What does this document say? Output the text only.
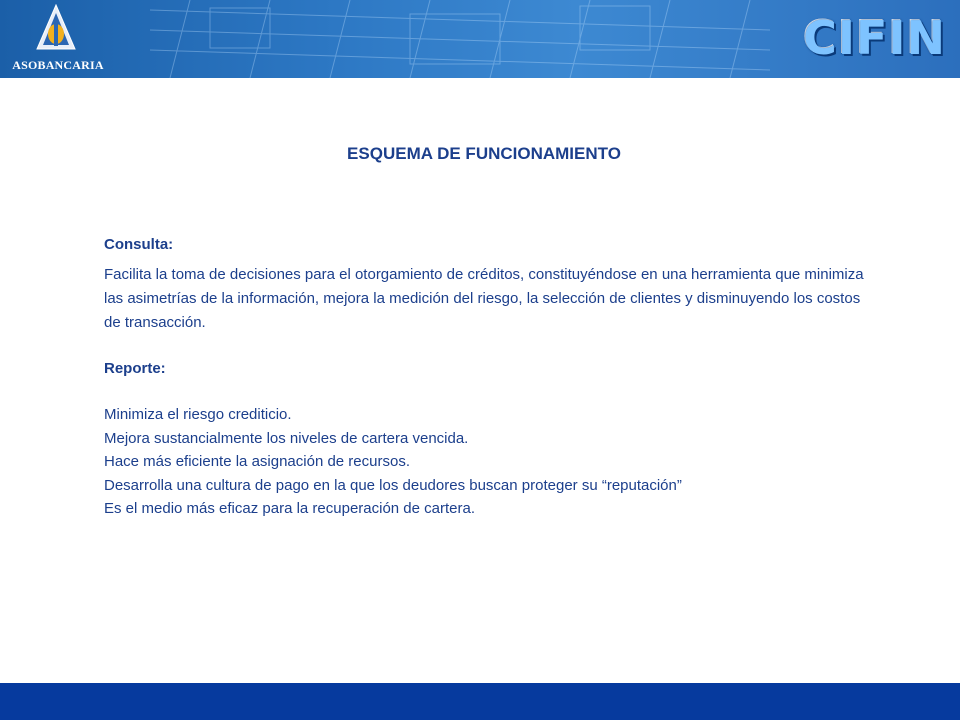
ASOBANCARIA	CIFIN
ESQUEMA DE FUNCIONAMIENTO

Consulta:

Facilita la toma de decisiones para el otorgamiento de créditos, constituyéndose en una herramienta que minimiza las asimetrías de la información, mejora la medición del riesgo, la selección de clientes y disminuyendo los costos de transacción.

Reporte:

Minimiza el riesgo crediticio.
Mejora sustancialmente los niveles de cartera vencida.
Hace más eficiente la asignación de recursos.
Desarrolla una cultura de pago en la que los deudores buscan proteger su “reputación”
Es el medio más eficaz para la recuperación de cartera.
